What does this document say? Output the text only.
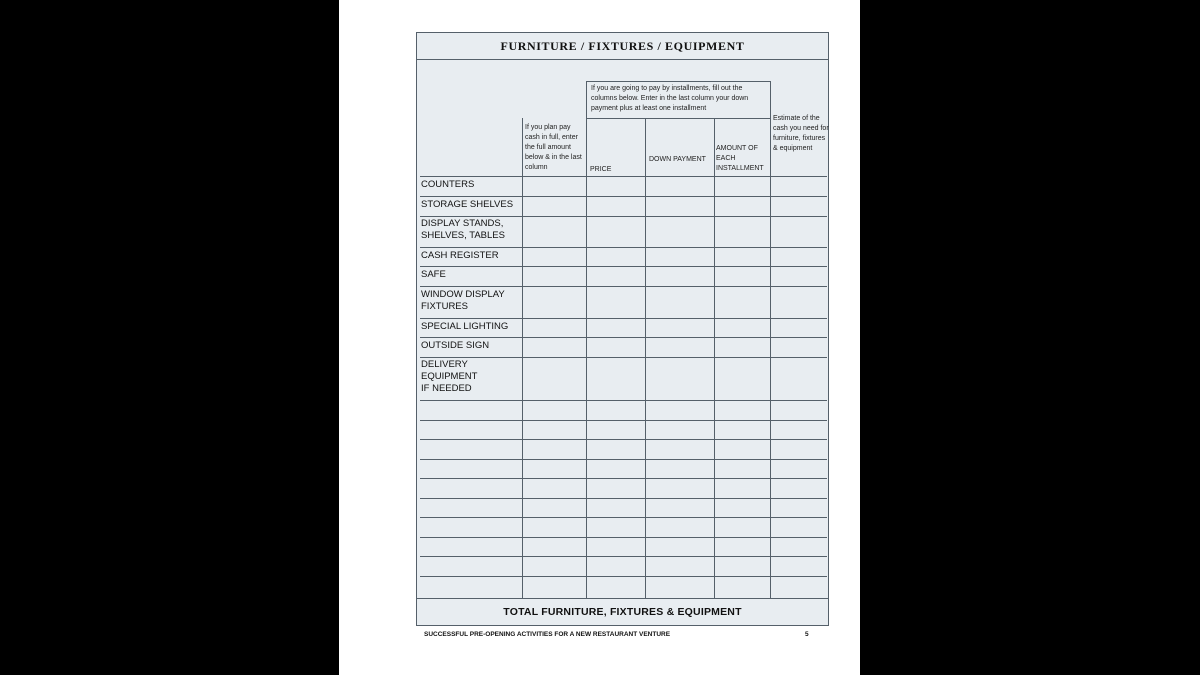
FURNITURE / FIXTURES / EQUIPMENT
If you are going to pay by installments, fill out the columns below. Enter in the last column your down payment plus at least one installment
If you plan pay cash in full, enter the full amount below & in the last column	PRICE
DOWN PAYMENT
AMOUNT OF EACH INSTALLMENT
Estimate of the cash you need for furniture, fixtures & equipment
COUNTERS
STORAGE SHELVES
DISPLAY STANDS, SHELVES, TABLES
CASH REGISTER
SAFE
WINDOW DISPLAY FIXTURES
SPECIAL LIGHTING
OUTSIDE SIGN
DELIVERY EQUIPMENT IF NEEDED
TOTAL FURNITURE, FIXTURES & EQUIPMENT
SUCCESSFUL PRE-OPENING ACTIVITIES FOR A NEW RESTAURANT VENTURE	5
